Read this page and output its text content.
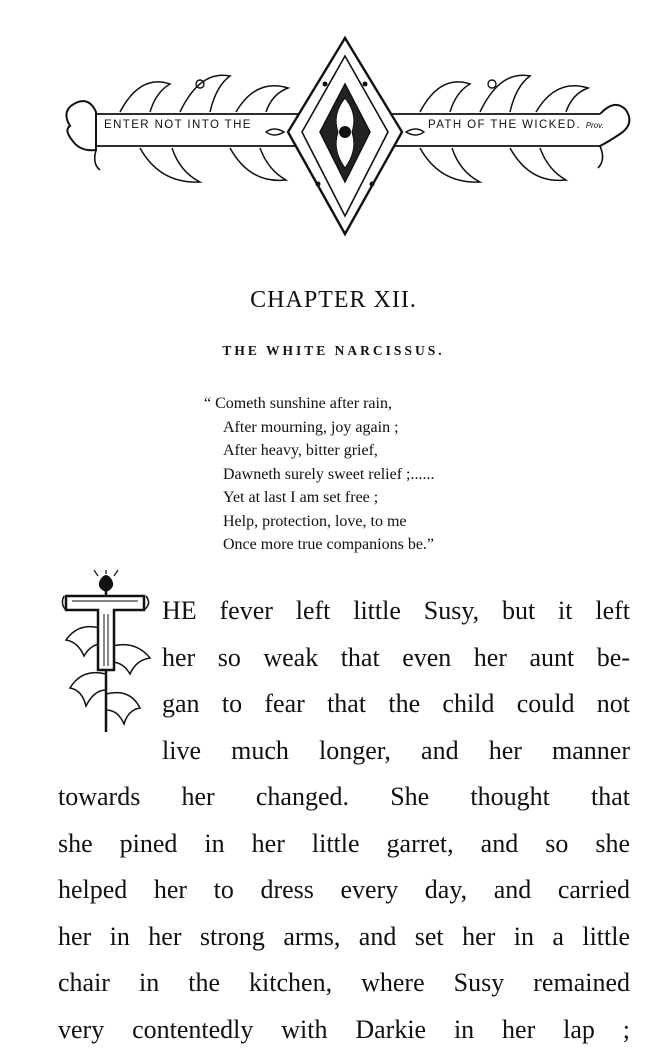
ENTER NOT INTO THE	PATH OF THE WICKED. Prov.
CHAPTER XII.
THE WHITE NARCISSUS.
“ Cometh sunshine after rain,
After mourning, joy again ;
After heavy, bitter grief,
Dawneth surely sweet relief ;......
Yet at last I am set free ;
Help, protection, love, to me
Once more true companions be.”
HE fever left little Susy, but it left
her so weak that even her aunt be-
gan to fear that the child could not
live much longer, and her manner
towards her changed. She thought that
she pined in her little garret, and so she
helped her to dress every day, and carried
her in her strong arms, and set her in a little
chair in the kitchen, where Susy remained
very contentedly with Darkie in her lap ;
